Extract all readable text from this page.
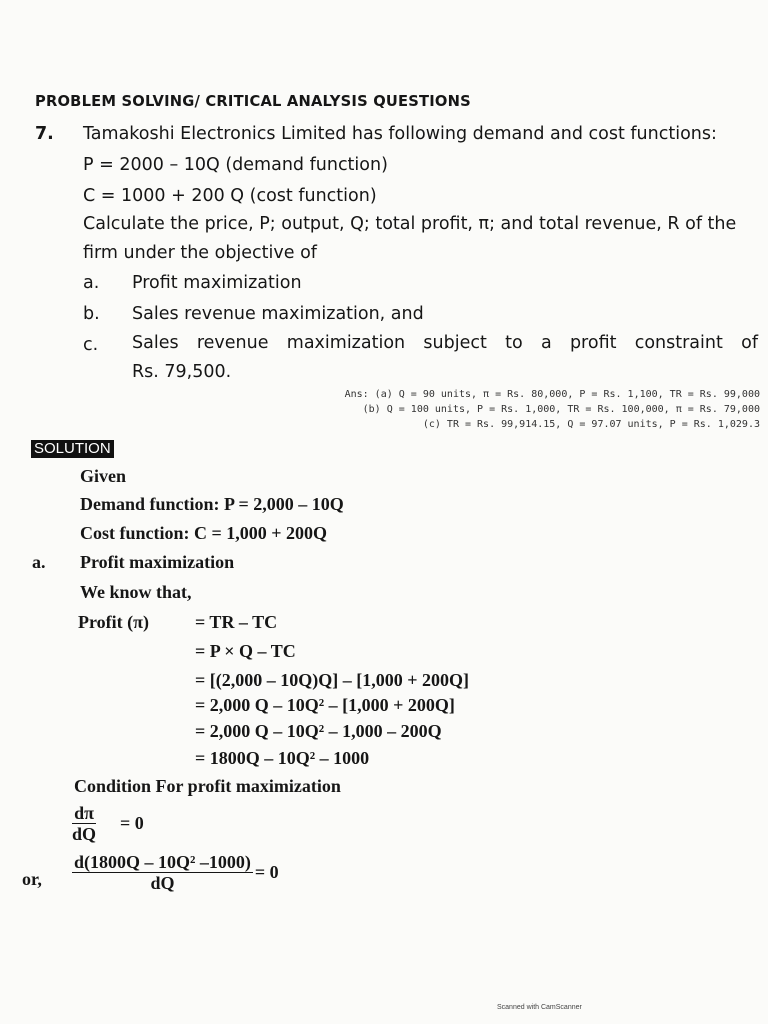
PROBLEM SOLVING/ CRITICAL ANALYSIS QUESTIONS
7. Tamakoshi Electronics Limited has following demand and cost functions:
P = 2000 – 10Q (demand function)
C = 1000 + 200 Q (cost function)
Calculate the price, P; output, Q; total profit, π; and total revenue, R of the
firm under the objective of
a. Profit maximization
b. Sales revenue maximization, and
c. Sales revenue maximization subject to a profit constraint of
Rs. 79,500.
Ans: (a) Q = 90 units, π = Rs. 80,000, P = Rs. 1,100, TR = Rs. 99,000
(b) Q = 100 units, P = Rs. 1,000, TR = Rs. 100,000, π = Rs. 79,000
(c) TR = Rs. 99,914.15, Q = 97.07 units, P = Rs. 1,029.3
SOLUTION
Given
Demand function: P = 2,000 – 10Q
Cost function: C = 1,000 + 200Q
a. Profit maximization
We know that,
Profit (π)	= TR – TC
= P × Q – TC
= [(2,000 – 10Q)Q] – [1,000 + 200Q]
= 2,000 Q – 10Q² – [1,000 + 200Q]
= 2,000 Q – 10Q² – 1,000 – 200Q
= 1800Q – 10Q² – 1000
Condition For profit maximization
$\frac{d\pi}{dQ} = 0$
or, $\frac{\text{d(1800Q – 10Q² –1000)}}{dQ} = 0$
Scanned with CamScanner
